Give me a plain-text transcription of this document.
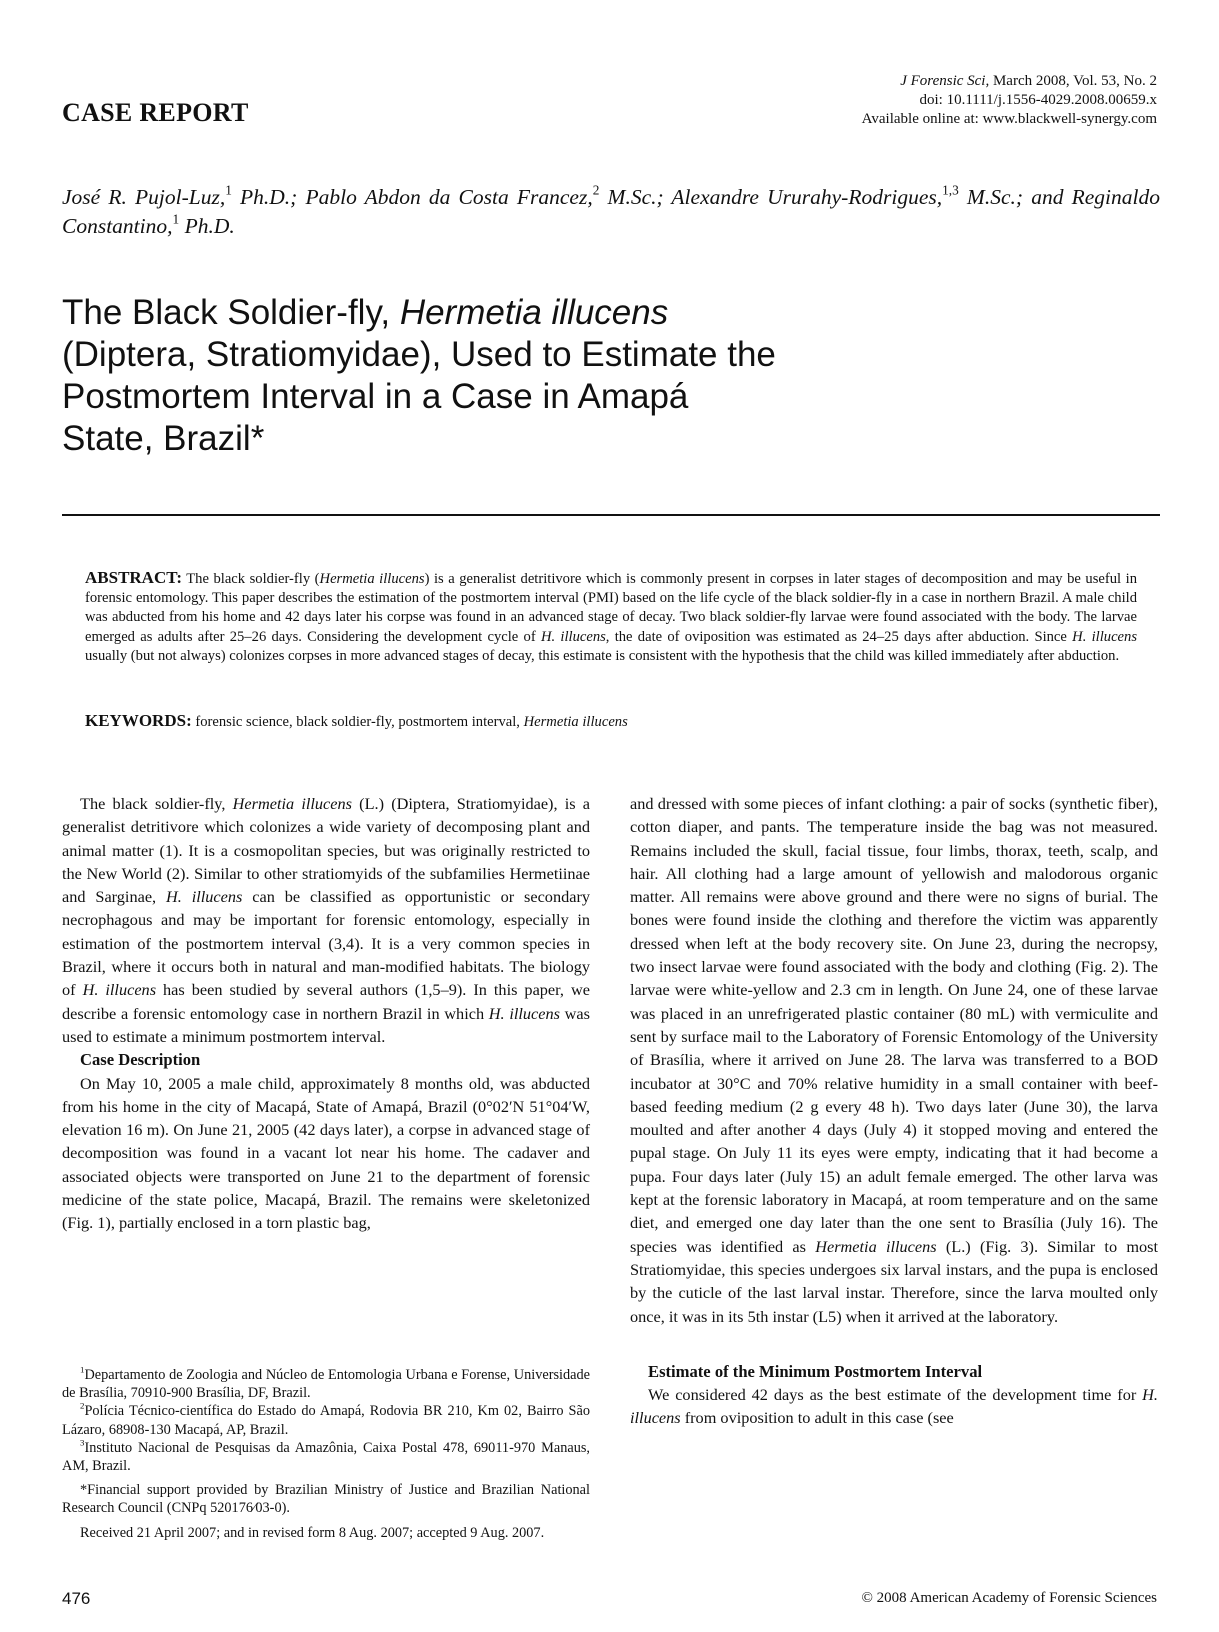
CASE REPORT
J Forensic Sci, March 2008, Vol. 53, No. 2
doi: 10.1111/j.1556-4029.2008.00659.x
Available online at: www.blackwell-synergy.com
José R. Pujol-Luz,$^1$ Ph.D.; Pablo Abdon da Costa Francez,$^2$ M.Sc.; Alexandre Ururahy-Rodrigues,$^{1,3}$ M.Sc.; and Reginaldo Constantino,$^1$ Ph.D.
The Black Soldier-fly, Hermetia illucens
(Diptera, Stratiomyidae), Used to Estimate the
Postmortem Interval in a Case in Amapá
State, Brazil*
ABSTRACT: The black soldier-fly (Hermetia illucens) is a generalist detritivore which is commonly present in corpses in later stages of decomposition and may be useful in forensic entomology. This paper describes the estimation of the postmortem interval (PMI) based on the life cycle of the black soldier-fly in a case in northern Brazil. A male child was abducted from his home and 42 days later his corpse was found in an advanced stage of decay. Two black soldier-fly larvae were found associated with the body. The larvae emerged as adults after 25–26 days. Considering the development cycle of H. illucens, the date of oviposition was estimated as 24–25 days after abduction. Since H. illucens usually (but not always) colonizes corpses in more advanced stages of decay, this estimate is consistent with the hypothesis that the child was killed immediately after abduction.
KEYWORDS: forensic science, black soldier-fly, postmortem interval, Hermetia illucens

The black soldier-fly, Hermetia illucens (L.) (Diptera, Stratiomyidae), is a generalist detritivore which colonizes a wide variety of decomposing plant and animal matter (1). It is a cosmopolitan species, but was originally restricted to the New World (2). Similar to other stratiomyids of the subfamilies Hermetiinae and Sarginae, H. illucens can be classified as opportunistic or secondary necrophagous and may be important for forensic entomology, especially in estimation of the postmortem interval (3,4). It is a very common species in Brazil, where it occurs both in natural and man-modified habitats. The biology of H. illucens has been studied by several authors (1,5–9). In this paper, we describe a forensic entomology case in northern Brazil in which H. illucens was used to estimate a minimum postmortem interval.

Case Description

On May 10, 2005 a male child, approximately 8 months old, was abducted from his home in the city of Macapá, State of Amapá, Brazil (0°02′N 51°04′W, elevation 16 m). On June 21, 2005 (42 days later), a corpse in advanced stage of decomposition was found in a vacant lot near his home. The cadaver and associated objects were transported on June 21 to the department of forensic medicine of the state police, Macapá, Brazil. The remains were skeletonized (Fig. 1), partially enclosed in a torn plastic bag,

and dressed with some pieces of infant clothing: a pair of socks (synthetic fiber), cotton diaper, and pants. The temperature inside the bag was not measured. Remains included the skull, facial tissue, four limbs, thorax, teeth, scalp, and hair. All clothing had a large amount of yellowish and malodorous organic matter. All remains were above ground and there were no signs of burial. The bones were found inside the clothing and therefore the victim was apparently dressed when left at the body recovery site. On June 23, during the necropsy, two insect larvae were found associated with the body and clothing (Fig. 2). The larvae were white-yellow and 2.3 cm in length. On June 24, one of these larvae was placed in an unrefrigerated plastic container (80 mL) with vermiculite and sent by surface mail to the Laboratory of Forensic Entomology of the University of Brasília, where it arrived on June 28. The larva was transferred to a BOD incubator at 30°C and 70% relative humidity in a small container with beef-based feeding medium (2 g every 48 h). Two days later (June 30), the larva moulted and after another 4 days (July 4) it stopped moving and entered the pupal stage. On July 11 its eyes were empty, indicating that it had become a pupa. Four days later (July 15) an adult female emerged. The other larva was kept at the forensic laboratory in Macapá, at room temperature and on the same diet, and emerged one day later than the one sent to Brasília (July 16). The species was identified as Hermetia illucens (L.) (Fig. 3). Similar to most Stratiomyidae, this species undergoes six larval instars, and the pupa is enclosed by the cuticle of the last larval instar. Therefore, since the larva moulted only once, it was in its 5th instar (L5) when it arrived at the laboratory.

Estimate of the Minimum Postmortem Interval

We considered 42 days as the best estimate of the development time for H. illucens from oviposition to adult in this case (see

$^1$Departamento de Zoologia and Núcleo de Entomologia Urbana e Forense, Universidade de Brasília, 70910-900 Brasília, DF, Brazil.

$^2$Polícia Técnico-científica do Estado do Amapá, Rodovia BR 210, Km 02, Bairro São Lázaro, 68908-130 Macapá, AP, Brazil.

$^3$Instituto Nacional de Pesquisas da Amazônia, Caixa Postal 478, 69011-970 Manaus, AM, Brazil.

*Financial support provided by Brazilian Ministry of Justice and Brazilian National Research Council (CNPq 520176⁄03-0).

Received 21 April 2007; and in revised form 8 Aug. 2007; accepted 9 Aug. 2007.

476	© 2008 American Academy of Forensic Sciences
